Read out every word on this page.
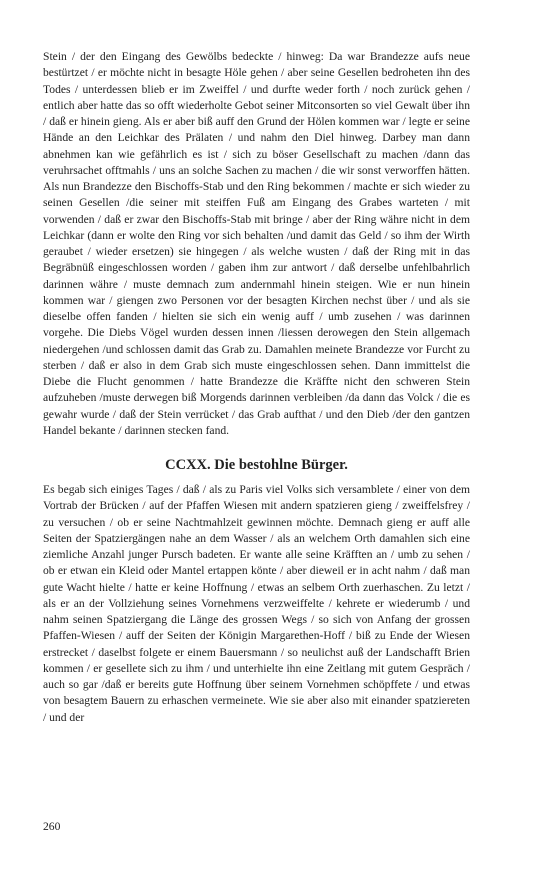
Stein / der den Eingang des Gewölbs bedeckte / hinweg: Da war Brandezze aufs neue bestürtzet / er möchte nicht in besagte Höle gehen / aber seine Gesellen bedroheten ihn des Todes / unterdessen blieb er im Zweiffel / und durfte weder forth / noch zurück gehen / entlich aber hatte das so offt wiederholte Gebot seiner Mitconsorten so viel Gewalt über ihn / daß er hinein gieng. Als er aber biß auff den Grund der Hölen kommen war / legte er seine Hände an den Leichkar des Prälaten / und nahm den Diel hinweg. Darbey man dann abnehmen kan wie gefährlich es ist / sich zu böser Gesellschaft zu machen /dann das veruhrsachet offtmahls / uns an solche Sachen zu machen / die wir sonst verworffen hätten. Als nun Brandezze den Bischoffs-Stab und den Ring bekommen / machte er sich wieder zu seinen Gesellen /die seiner mit steiffen Fuß am Eingang des Grabes warteten / mit vorwenden / daß er zwar den Bischoffs-Stab mit bringe / aber der Ring währe nicht in dem Leichkar (dann er wolte den Ring vor sich behalten /und damit das Geld / so ihm der Wirth geraubet / wieder ersetzen) sie hingegen / als welche wusten / daß der Ring mit in das Begräbnüß eingeschlossen worden / gaben ihm zur antwort / daß derselbe unfehlbahrlich darinnen währe / muste demnach zum andernmahl hinein steigen. Wie er nun hinein kommen war / giengen zwo Personen vor der besagten Kirchen nechst über / und als sie dieselbe offen fanden / hielten sie sich ein wenig auff / umb zusehen / was darinnen vorgehe. Die Diebs Vögel wurden dessen innen /liessen derowegen den Stein allgemach niedergehen /und schlossen damit das Grab zu. Damahlen meinete Brandezze vor Furcht zu sterben / daß er also in dem Grab sich muste eingeschlossen sehen. Dann immittelst die Diebe die Flucht genommen / hatte Brandezze die Kräffte nicht den schweren Stein aufzuheben /muste derwegen biß Morgends darinnen verbleiben /da dann das Volck / die es gewahr wurde / daß der Stein verrücket / das Grab aufthat / und den Dieb /der den gantzen Handel bekante / darinnen stecken fand.

CCXX. Die bestohlne Bürger.

Es begab sich einiges Tages / daß / als zu Paris viel Volks sich versamblete / einer von dem Vortrab der Brücken / auf der Pfaffen Wiesen mit andern spatzieren gieng / zweiffelsfrey / zu versuchen / ob er seine Nachtmahlzeit gewinnen möchte. Demnach gieng er auff alle Seiten der Spatziergängen nahe an dem Wasser / als an welchem Orth damahlen sich eine ziemliche Anzahl junger Pursch badeten. Er wante alle seine Kräfften an / umb zu sehen / ob er etwan ein Kleid oder Mantel ertappen könte / aber dieweil er in acht nahm / daß man gute Wacht hielte / hatte er keine Hoffnung / etwas an selbem Orth zuerhaschen. Zu letzt / als er an der Vollziehung seines Vornehmens verzweiffelte / kehrete er wiederumb / und nahm seinen Spatziergang die Länge des grossen Wegs / so sich von Anfang der grossen Pfaffen-Wiesen / auff der Seiten der Königin Margarethen-Hoff / biß zu Ende der Wiesen erstrecket / daselbst folgete er einem Bauersmann / so neulichst auß der Landschafft Brien kommen / er gesellete sich zu ihm / und unterhielte ihn eine Zeitlang mit gutem Gespräch / auch so gar /daß er bereits gute Hoffnung über seinem Vornehmen schöpffete / und etwas von besagtem Bauern zu erhaschen vermeinete. Wie sie aber also mit einander spatziereten / und der

260
